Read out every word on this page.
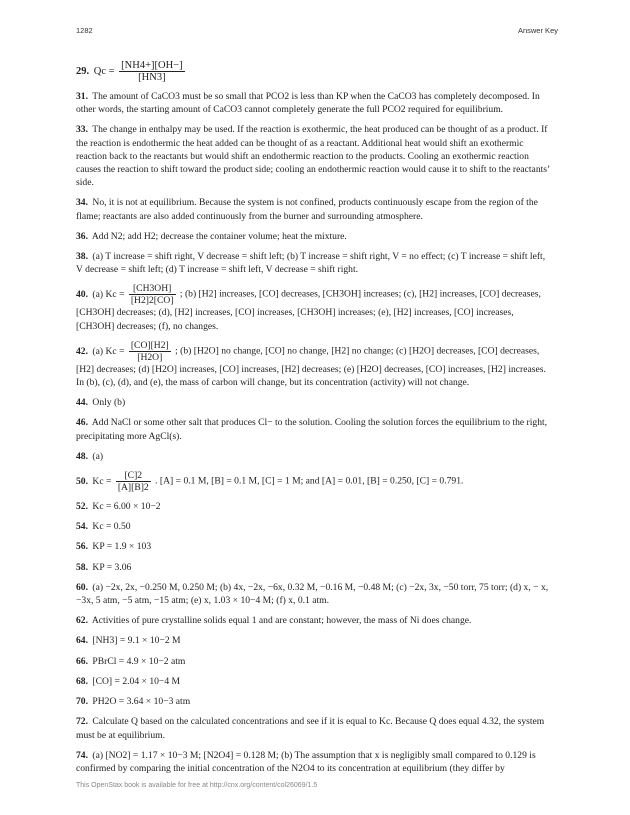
1282	Answer Key
29. $Qc = \frac{[NH4+][OH-]}{[HN3]}$
31. The amount of CaCO3 must be so small that PCO2 is less than KP when the CaCO3 has completely decomposed. In other words, the starting amount of CaCO3 cannot completely generate the full PCO2 required for equilibrium.
33. The change in enthalpy may be used. If the reaction is exothermic, the heat produced can be thought of as a product. If the reaction is endothermic the heat added can be thought of as a reactant. Additional heat would shift an exothermic reaction back to the reactants but would shift an endothermic reaction to the products. Cooling an exothermic reaction causes the reaction to shift toward the product side; cooling an endothermic reaction would cause it to shift to the reactants’ side.
34. No, it is not at equilibrium. Because the system is not confined, products continuously escape from the region of the flame; reactants are also added continuously from the burner and surrounding atmosphere.
36. Add N2; add H2; decrease the container volume; heat the mixture.
38. (a) T increase = shift right, V decrease = shift left; (b) T increase = shift right, V = no effect; (c) T increase = shift left, V decrease = shift left; (d) T increase = shift left, V decrease = shift right.
40. (a) $Kc = \frac{[CH3OH]}{[H2]2[CO]}$ ; (b) [H2] increases, [CO] decreases, [CH3OH] increases; (c), [H2] increases, [CO] decreases, [CH3OH] decreases; (d), [H2] increases, [CO] increases, [CH3OH] increases; (e), [H2] increases, [CO] increases, [CH3OH] decreases; (f), no changes.
42. (a) $Kc = \frac{[CO][H2]}{[H2O]}$ ; (b) [H2O] no change, [CO] no change, [H2] no change; (c) [H2O] decreases, [CO] decreases, [H2] decreases; (d) [H2O] increases, [CO] increases, [H2] decreases; (e) [H2O] decreases, [CO] increases, [H2] increases. In (b), (c), (d), and (e), the mass of carbon will change, but its concentration (activity) will not change.
44. Only (b)
46. Add NaCl or some other salt that produces Cl− to the solution. Cooling the solution forces the equilibrium to the right, precipitating more AgCl(s).
48. (a)
50. $Kc = \frac{[C]2}{[A][B]2}$ . [A] = 0.1 M, [B] = 0.1 M, [C] = 1 M; and [A] = 0.01, [B] = 0.250, [C] = 0.791.
52. Kc = 6.00 × 10−2
54. Kc = 0.50
56. KP = 1.9 × 103
58. KP = 3.06
60. (a) −2x, 2x, −0.250 M, 0.250 M; (b) 4x, −2x, −6x, 0.32 M, −0.16 M, −0.48 M; (c) −2x, 3x, −50 torr, 75 torr; (d) x, − x, −3x, 5 atm, −5 atm, −15 atm; (e) x, 1.03 × 10−4 M; (f) x, 0.1 atm.
62. Activities of pure crystalline solids equal 1 and are constant; however, the mass of Ni does change.
64. [NH3] = 9.1 × 10−2 M
66. PBrCl = 4.9 × 10−2 atm
68. [CO] = 2.04 × 10−4 M
70. PH2O = 3.64 × 10−3 atm
72. Calculate Q based on the calculated concentrations and see if it is equal to Kc. Because Q does equal 4.32, the system must be at equilibrium.
74. (a) [NO2] = 1.17 × 10−3 M; [N2O4] = 0.128 M; (b) The assumption that x is negligibly small compared to 0.129 is confirmed by comparing the initial concentration of the N2O4 to its concentration at equilibrium (they differ by
This OpenStax book is available for free at http://cnx.org/content/col26069/1.5
